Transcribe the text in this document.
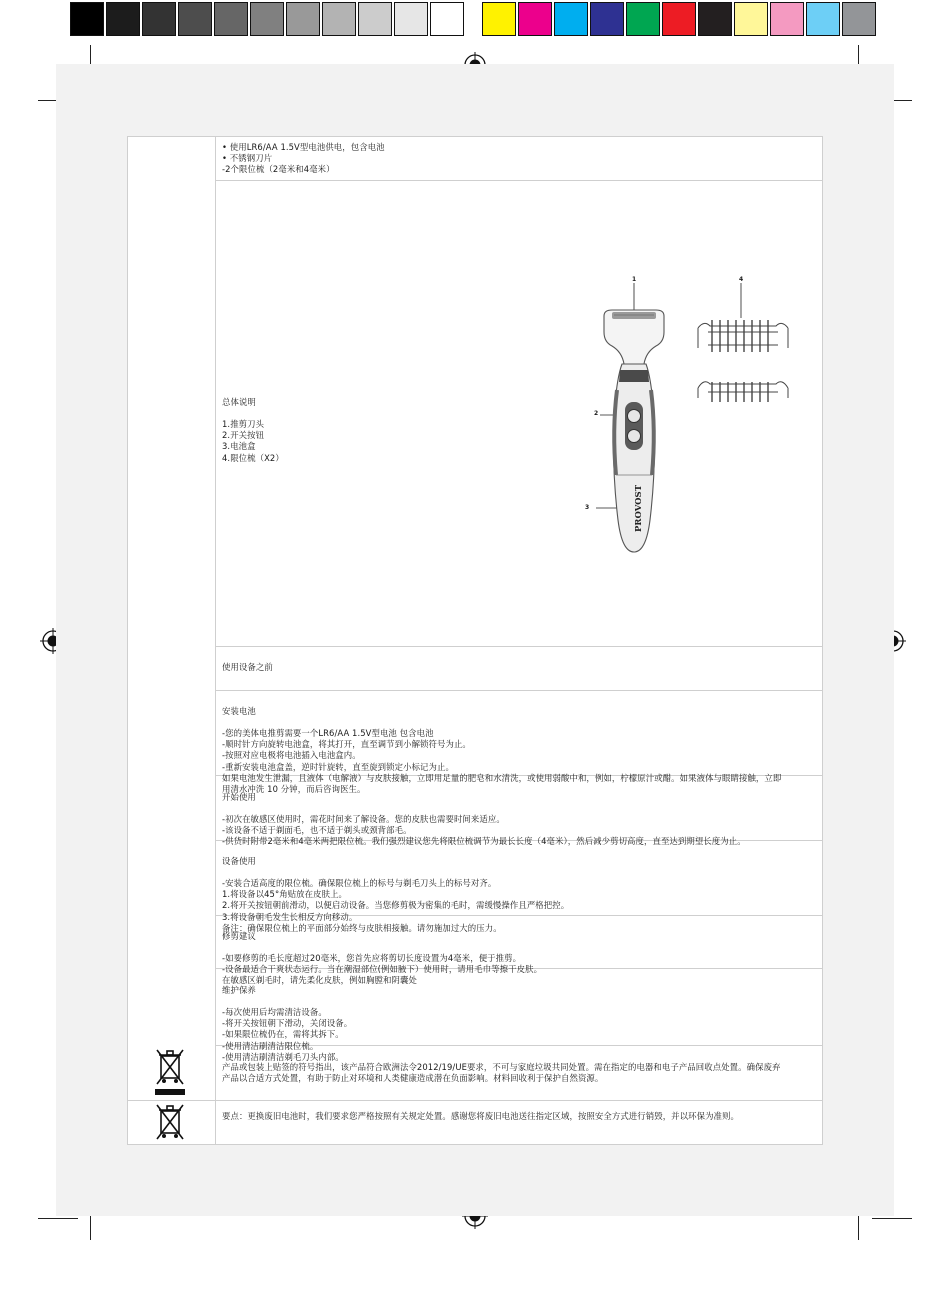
• 使用LR6/AA 1.5V型电池供电，包含电池
• 不锈钢刀片
-2个限位梳（2毫米和4毫米）

总体说明

1.推剪刀头
2.开关按钮
3.电池盒
4.限位梳（X2）

使用设备之前

安装电池

-您的美体电推剪需要一个LR6/AA 1.5V型电池 包含电池
-顺时针方向旋转电池盒，将其打开，直至调节到小解锁符号为止。
-按照对应电极将电池插入电池盒内。
-重新安装电池盒盖，逆时针旋转，直至旋到锁定小标记为止。
如果电池发生泄漏，且液体（电解液）与皮肤接触，立即用足量的肥皂和水清洗，或使用弱酸中和，例如，柠檬原汁或醋。如果液体与眼睛接触，立即用清水冲洗 10 分钟，而后咨询医生。

开始使用

-初次在敏感区使用时，需花时间来了解设备。您的皮肤也需要时间来适应。
-该设备不适于剃面毛，也不适于剃头或颈背部毛。
-供货时附带2毫米和4毫米两把限位梳。我们强烈建议您先将限位梳调节为最长长度（4毫米），然后减少剪切高度，直至达到期望长度为止。

设备使用

-安装合适高度的限位梳。确保限位梳上的标号与剃毛刀头上的标号对齐。
1.将设备以45°角贴放在皮肤上。
2.将开关按钮朝前滑动，以便启动设备。当您修剪极为密集的毛时，需缓慢操作且严格把控。
3.将设备朝毛发生长相反方向移动。
备注：确保限位梳上的平面部分始终与皮肤相接触。请勿施加过大的压力。

修剪建议

-如要修剪的毛长度超过20毫米，您首先应将剪切长度设置为4毫米，便于推剪。
-设备最适合干爽状态运行。当在潮湿部位(例如腋下）使用时，请用毛巾等擦干皮肤。
在敏感区剃毛时，请先柔化皮肤，例如胸膛和阴囊处

维护保养

-每次使用后均需清洁设备。
-将开关按钮朝下滑动，关闭设备。
-如果限位梳仍在，需将其拆下。
-使用清洁刷清洁限位梳。
-使用清洁刷清洁剃毛刀头内部。

产品或包装上贴签的符号指出，该产品符合欧洲法令2012/19/UE要求，不可与家庭垃圾共同处置。需在指定的电器和电子产品回收点处置。确保废弃产品以合适方式处置，有助于防止对环境和人类健康造成潜在负面影响。材料回收利于保护自然资源。
要点：更换废旧电池时，我们要求您严格按照有关规定处置。感谢您将废旧电池送往指定区域，按照安全方式进行销毁，并以环保为准则。
PROVOST
1
2
3
4
